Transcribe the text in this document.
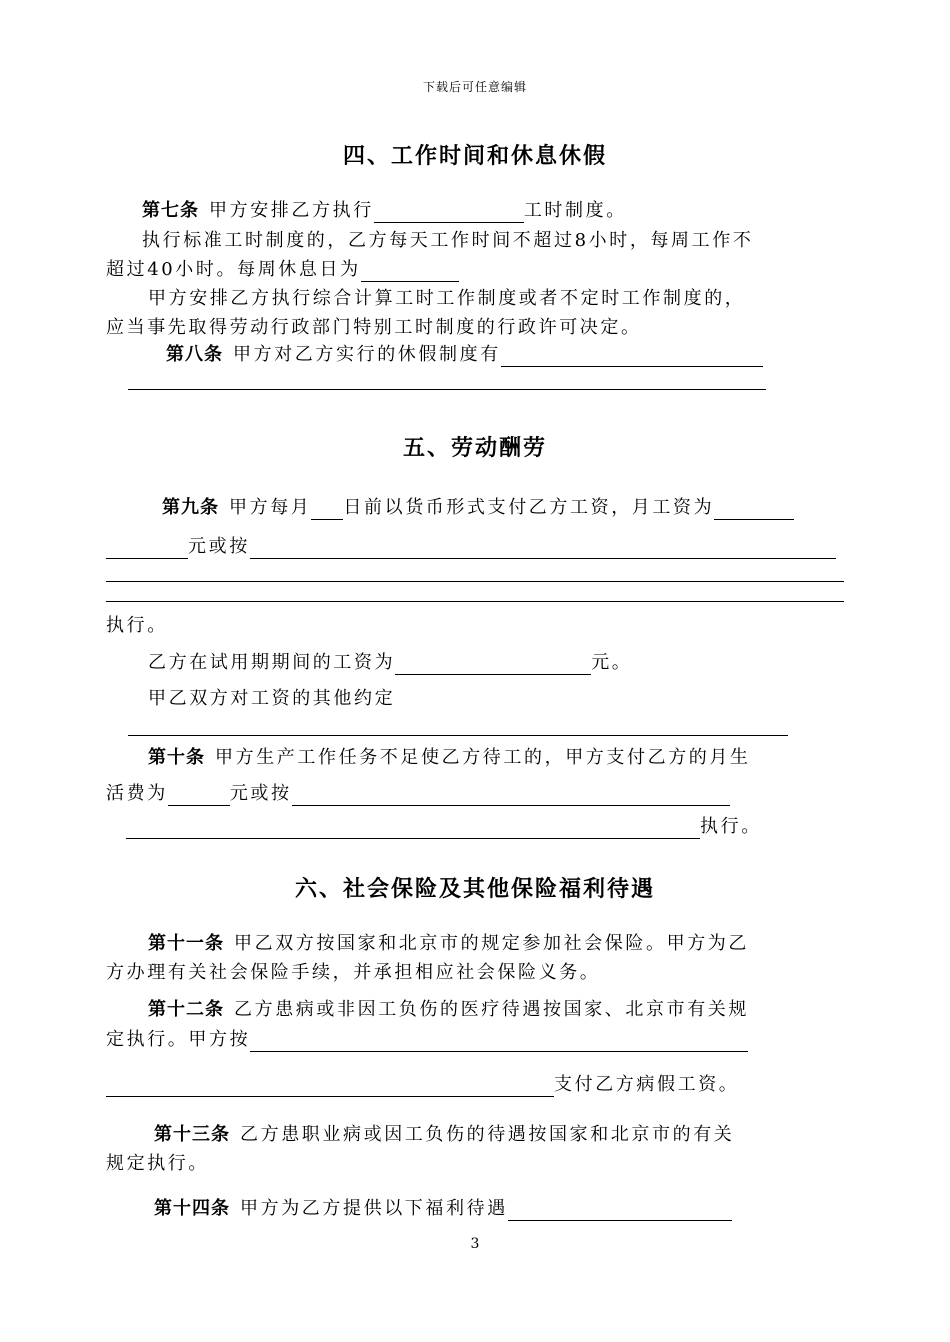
下载后可任意编辑
四、工作时间和休息休假
第七条 甲方安排乙方执行	工时制度。
执行标准工时制度的，乙方每天工作时间不超过8小时，每周工作不
超过40小时。每周休息日为
甲方安排乙方执行综合计算工时工作制度或者不定时工作制度的，
应当事先取得劳动行政部门特别工时制度的行政许可决定。
第八条 甲方对乙方实行的休假制度有
五、劳动酬劳
第九条 甲方每月 日前以货币形式支付乙方工资，月工资为
元或按
执行。
乙方在试用期期间的工资为	元。
甲乙双方对工资的其他约定
第十条 甲方生产工作任务不足使乙方待工的，甲方支付乙方的月生
活费为	元或按
执行。
六、社会保险及其他保险福利待遇
第十一条 甲乙双方按国家和北京市的规定参加社会保险。甲方为乙
方办理有关社会保险手续，并承担相应社会保险义务。
第十二条 乙方患病或非因工负伤的医疗待遇按国家、北京市有关规
定执行。甲方按
支付乙方病假工资。
第十三条 乙方患职业病或因工负伤的待遇按国家和北京市的有关
规定执行。
第十四条 甲方为乙方提供以下福利待遇
3
